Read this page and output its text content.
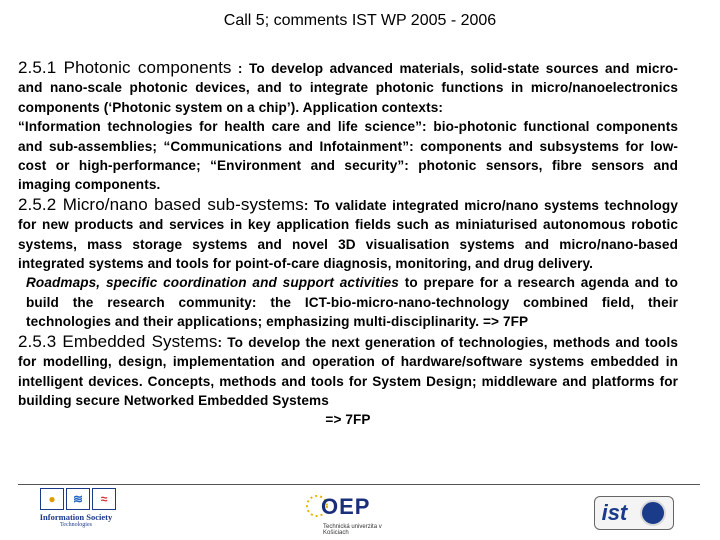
Call 5; comments IST WP 2005 - 2006

2.5.1 Photonic components : To develop advanced materials, solid-state sources and micro- and nano-scale photonic devices, and to integrate photonic functions in micro/nanoelectronics components (‘Photonic system on a chip’). Application contexts:

“Information technologies for health care and life science”: bio-photonic functional components and sub-assemblies; “Communications and Infotainment”: components and subsystems for low-cost or high-performance; “Environment and security”: photonic sensors, fibre sensors and imaging components.

2.5.2 Micro/nano based sub-systems: To validate integrated micro/nano systems technology for new products and services in key application fields such as miniaturised autonomous robotic systems, mass storage systems and novel 3D visualisation systems and micro/nano-based integrated systems and tools for point-of-care diagnosis, monitoring, and drug delivery.

Roadmaps, specific coordination and support activities to prepare for a research agenda and to build the research community: the ICT-bio-micro-nano-technology combined field, their technologies and their applications; emphasizing multi-disciplinarity. => 7FP

2.5.3 Embedded Systems: To develop the next generation of technologies, methods and tools for modelling, design, implementation and operation of hardware/software systems embedded in intelligent devices. Concepts, methods and tools for System Design; middleware and platforms for building secure Networked Embedded Systems

=> 7FP

●	≋	≈
Information Society
Technologies
OEP
Technická univerzita v Košiciach
ist
